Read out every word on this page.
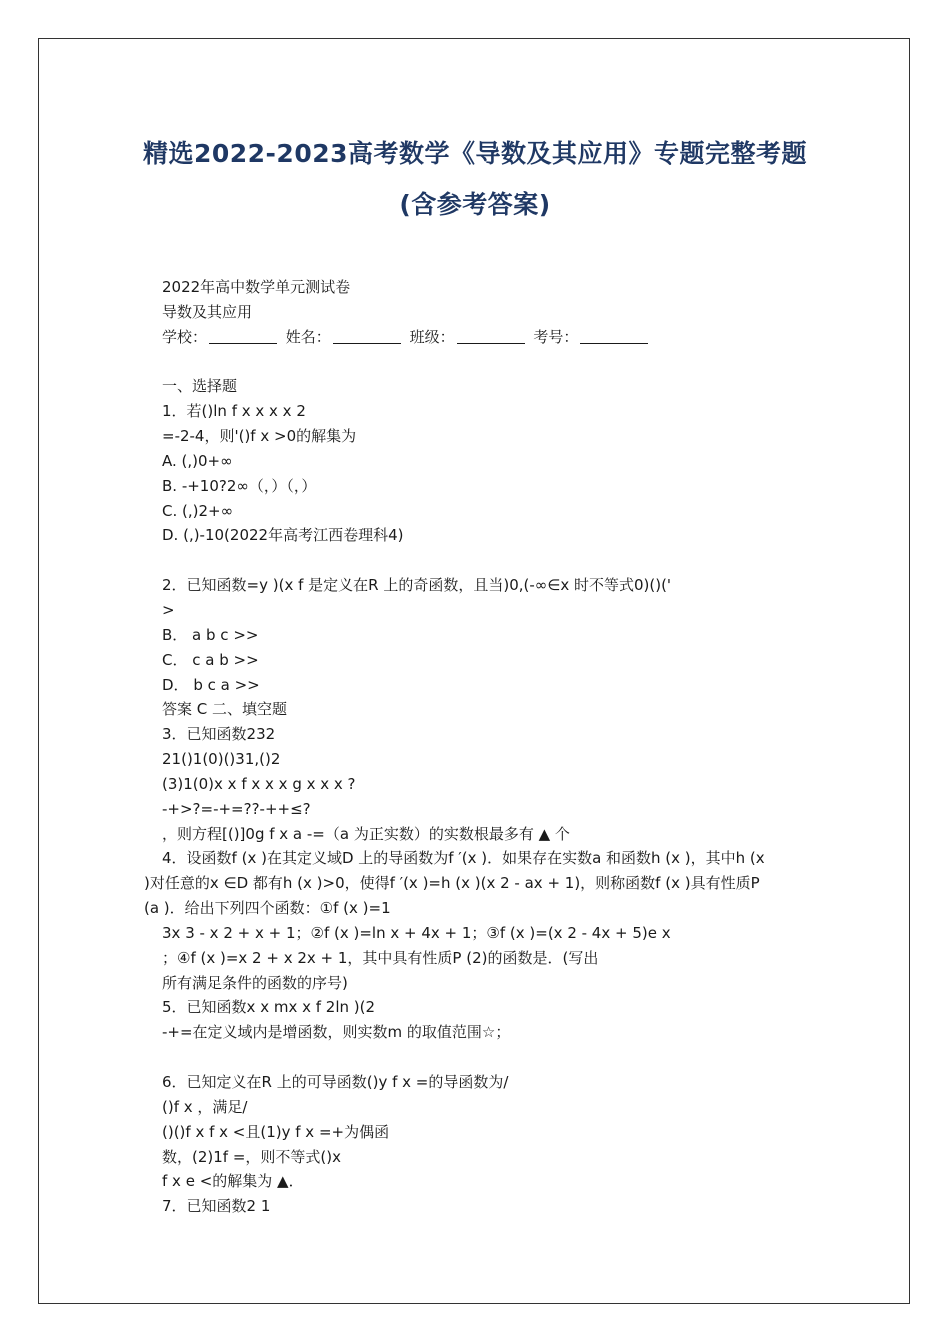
精选2022-2023高考数学《导数及其应用》专题完整考题
(含参考答案)
2022年高中数学单元测试卷
导数及其应用
学校：	姓名：	班级：	考号：
一、选择题
1．若()ln f x x x x 2
=-2-4，则'()f x >0的解集为
A. (,)0+∞
B. -+10?2∞（，）（，）
C. (,)2+∞
D. (,)-10(2022年高考江西卷理科4)
2．已知函数=y )(x f 是定义在R 上的奇函数，且当)0,(-∞∈x 时不等式0)()('
>
B． a b c >>
C． c a b >>
D． b c a >>
答案 C 二、填空题
3．已知函数232
21()1(0)()31,()2
(3)1(0)x x f x x x g x x x ?
-+>?=-+=??-++≤?
，则方程[()]0g f x a -=（a 为正实数）的实数根最多有 ▲ 个
4．设函数f (x )在其定义域D 上的导函数为f ′(x )．如果存在实数a 和函数h (x )，其中h (x
)对任意的x ∈D 都有h (x )>0，使得f ′(x )=h (x )(x 2 - ax + 1)，则称函数f (x )具有性质P
(a )．给出下列四个函数：①f (x )=1
3x 3 - x 2 + x + 1；②f (x )=ln x + 4x + 1；③f (x )=(x 2 - 4x + 5)e x
；④f (x )=x 2 + x 2x + 1，其中具有性质P (2)的函数是．(写出
所有满足条件的函数的序号)
5．已知函数x x mx x f 2ln )(2
-+=在定义域内是增函数，则实数m 的取值范围☆；
6．已知定义在R 上的可导函数()y f x =的导函数为/
()f x ，满足/
()()f x f x <且(1)y f x =+为偶函
数，(2)1f =，则不等式()x
f x e <的解集为 ▲．
7．已知函数2 1
